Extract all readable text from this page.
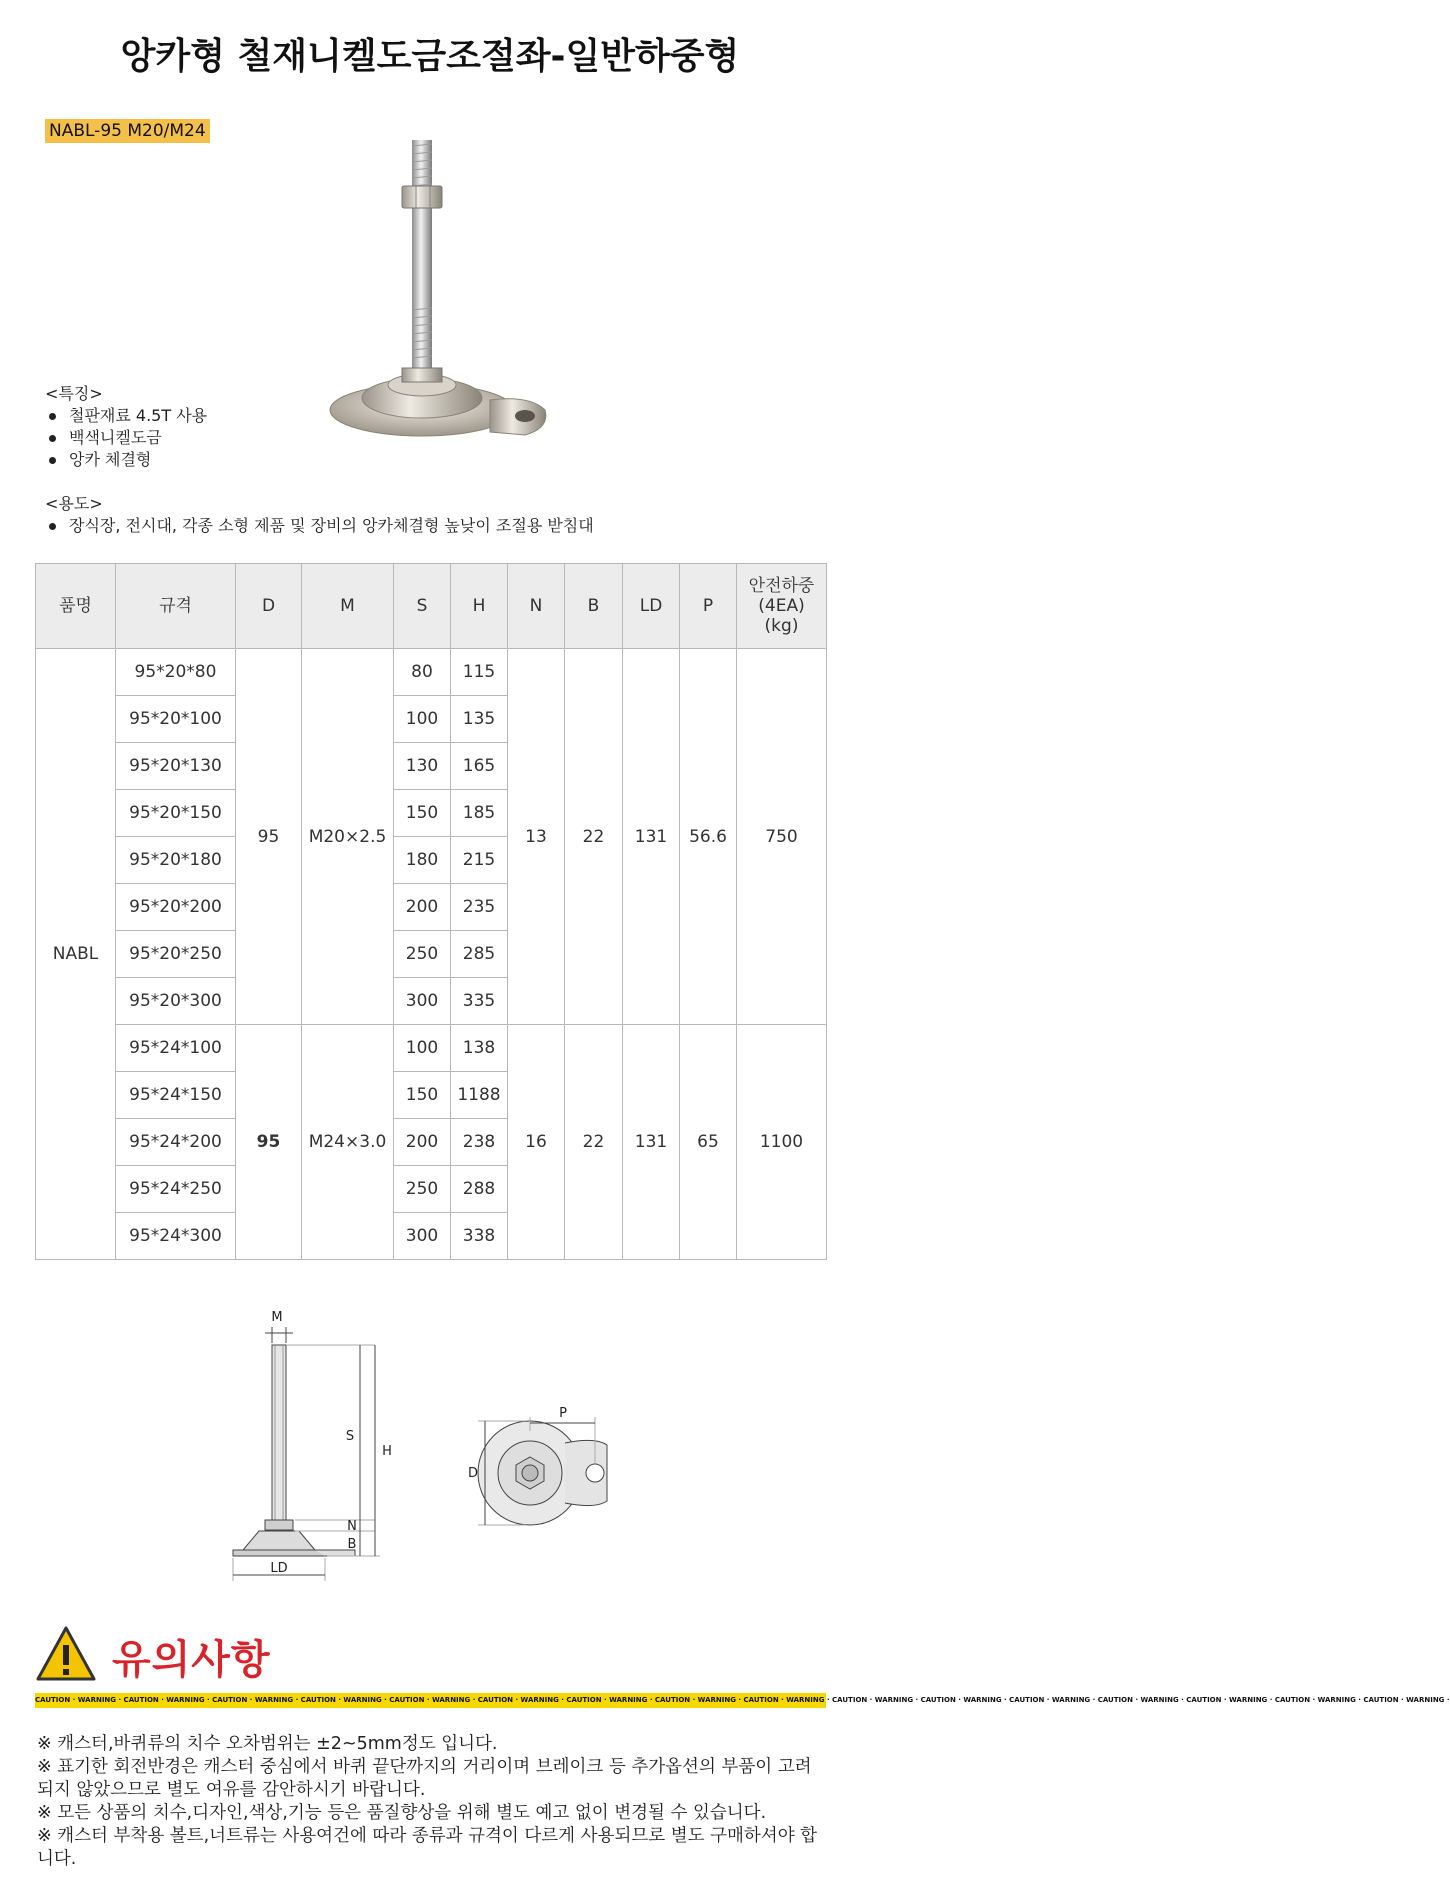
앙카형 철재니켈도금조절좌-일반하중형
NABL-95 M20/M24
<특징>
철판재료 4.5T 사용
백색니켈도금
앙카 체결형
<용도>
장식장, 전시대, 각종 소형 제품 및 장비의 앙카체결형 높낮이 조절용 받침대
품명	규격	D	M	S	H	N	B	LD	P	안전하중
(4EA)
(kg)
NABL	95*20*80	95	M20×2.5	80	115	13	22	131	56.6	750
	95*20*100			100	135					
	95*20*130			130	165					
	95*20*150			150	185					
	95*20*180			180	215					
	95*20*200			200	235					
	95*20*250			250	285					
	95*20*300			300	335					
	95*24*100	95	M24×3.0	100	138	16	22	131	65	1100
	95*24*150			150	1188					
	95*24*200			200	238					
	95*24*250			250	288					
	95*24*300			300	338					
M
S
H
N
B
LD
P
D
유의사항
CAUTION · WARNING · CAUTION · WARNING · CAUTION · WARNING · CAUTION · WARNING · CAUTION · WARNING · CAUTION · WARNING · CAUTION · WARNING · CAUTION · WARNING · CAUTION · WARNING · CAUTION · WARNING · CAUTION · WARNING · CAUTION · WARNING · CAUTION · WARNING · CAUTION · WARNING · CAUTION · WARNING · CAUTION · WARNING ·

※ 캐스터,바퀴류의 치수 오차범위는 ±2~5mm정도 입니다.

※ 표기한 회전반경은 캐스터 중심에서 바퀴 끝단까지의 거리이며 브레이크 등 추가옵션의 부품이 고려되지 않았으므로 별도 여유를 감안하시기 바랍니다.

※ 모든 상품의 치수,디자인,색상,기능 등은 품질향상을 위해 별도 예고 없이 변경될 수 있습니다.

※ 캐스터 부착용 볼트,너트류는 사용여건에 따라 종류과 규격이 다르게 사용되므로 별도 구매하셔야 합니다.
